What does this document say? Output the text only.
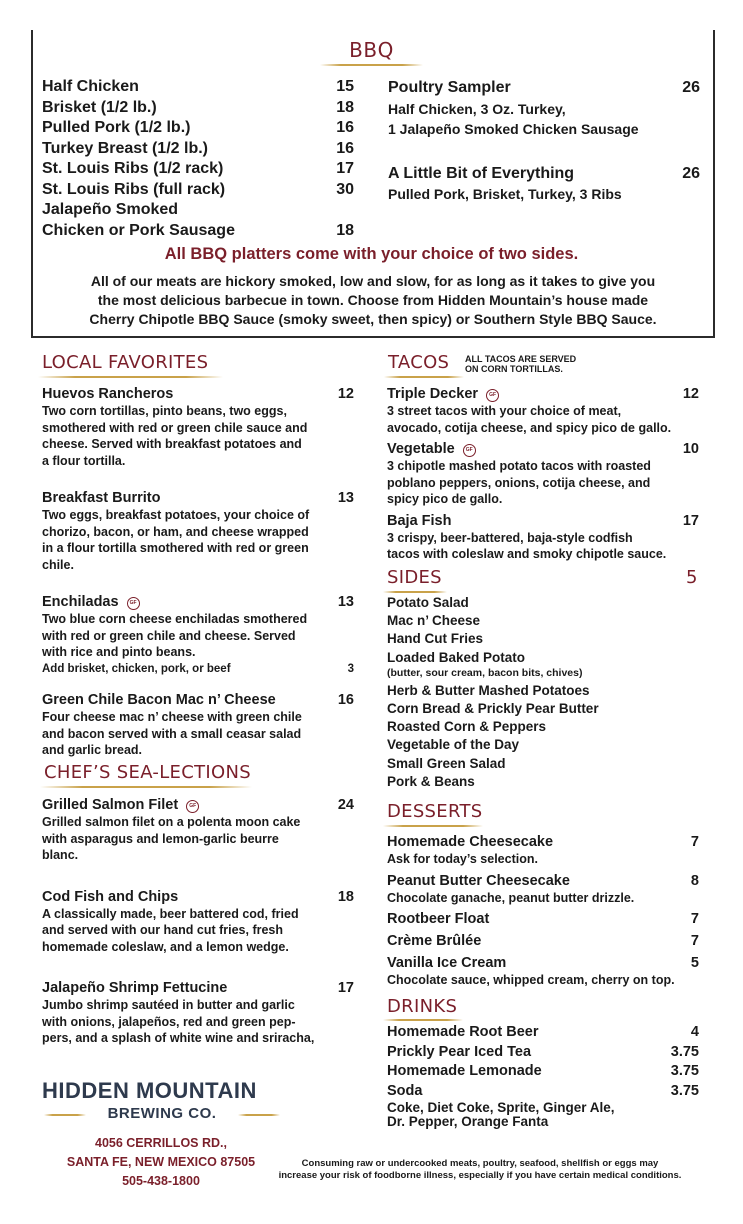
BBQ
Half Chicken	15
Brisket (1/2 lb.)	18
Pulled Pork (1/2 lb.)	16
Turkey Breast (1/2 lb.)	16
St. Louis Ribs (1/2 rack)	17
St. Louis Ribs (full rack)	30
Jalapeño Smoked
Chicken or Pork Sausage	18
Poultry Sampler	26
Half Chicken, 3 Oz. Turkey,
1 Jalapeño Smoked Chicken Sausage
A Little Bit of Everything	26
Pulled Pork, Brisket, Turkey, 3 Ribs
All BBQ platters come with your choice of two sides.
All of our meats are hickory smoked, low and slow, for as long as it takes to give you
the most delicious barbecue in town. Choose from Hidden Mountain’s house made
Cherry Chipotle BBQ Sauce (smoky sweet, then spicy) or Southern Style BBQ Sauce.
LOCAL FAVORITES
Huevos Rancheros	12
Two corn tortillas, pinto beans, two eggs,
smothered with red or green chile sauce and
cheese. Served with breakfast potatoes and
a flour tortilla.
Breakfast Burrito	13
Two eggs, breakfast potatoes, your choice of
chorizo, bacon, or ham, and cheese wrapped
in a flour tortilla smothered with red or green
chile.
Enchiladas GF	13
Two blue corn cheese enchiladas smothered
with red or green chile and cheese. Served
with rice and pinto beans.
Add brisket, chicken, pork, or beef	3
Green Chile Bacon Mac n’ Cheese	16
Four cheese mac n’ cheese with green chile
and bacon served with a small ceasar salad
and garlic bread.
CHEF’S SEA-LECTIONS
Grilled Salmon Filet GF	24
Grilled salmon filet on a polenta moon cake
with asparagus and lemon-garlic beurre
blanc.
Cod Fish and Chips	18
A classically made, beer battered cod, fried
and served with our hand cut fries, fresh
homemade coleslaw, and a lemon wedge.
Jalapeño Shrimp Fettucine	17
Jumbo shrimp sautéed in butter and garlic
with onions, jalapeños, red and green pep-
pers, and a splash of white wine and sriracha,
HIDDEN MOUNTAIN
BREWING CO.
4056 CERRILLOS RD.,
SANTA FE, NEW MEXICO 87505
505-438-1800
TACOS ALL TACOS ARE SERVED
ON CORN TORTILLAS.
Triple Decker GF	12
3 street tacos with your choice of meat,
avocado, cotija cheese, and spicy pico de gallo.
Vegetable GF	10
3 chipotle mashed potato tacos with roasted
poblano peppers, onions, cotija cheese, and
spicy pico de gallo.
Baja Fish	17
3 crispy, beer-battered, baja-style codfish
tacos with coleslaw and smoky chipotle sauce.
SIDES	5
Potato Salad
Mac n’ Cheese
Hand Cut Fries
Loaded Baked Potato
(butter, sour cream, bacon bits, chives)
Herb & Butter Mashed Potatoes
Corn Bread & Prickly Pear Butter
Roasted Corn & Peppers
Vegetable of the Day
Small Green Salad
Pork & Beans
DESSERTS
Homemade Cheesecake	7
Ask for today’s selection.
Peanut Butter Cheesecake	8
Chocolate ganache, peanut butter drizzle.
Rootbeer Float	7
Crème Brûlée	7
Vanilla Ice Cream	5
Chocolate sauce, whipped cream, cherry on top.
DRINKS
Homemade Root Beer	4
Prickly Pear Iced Tea	3.75
Homemade Lemonade	3.75
Soda	3.75
Coke, Diet Coke, Sprite, Ginger Ale,
Dr. Pepper, Orange Fanta
Consuming raw or undercooked meats, poultry, seafood, shellfish or eggs may
increase your risk of foodborne illness, especially if you have certain medical conditions.
